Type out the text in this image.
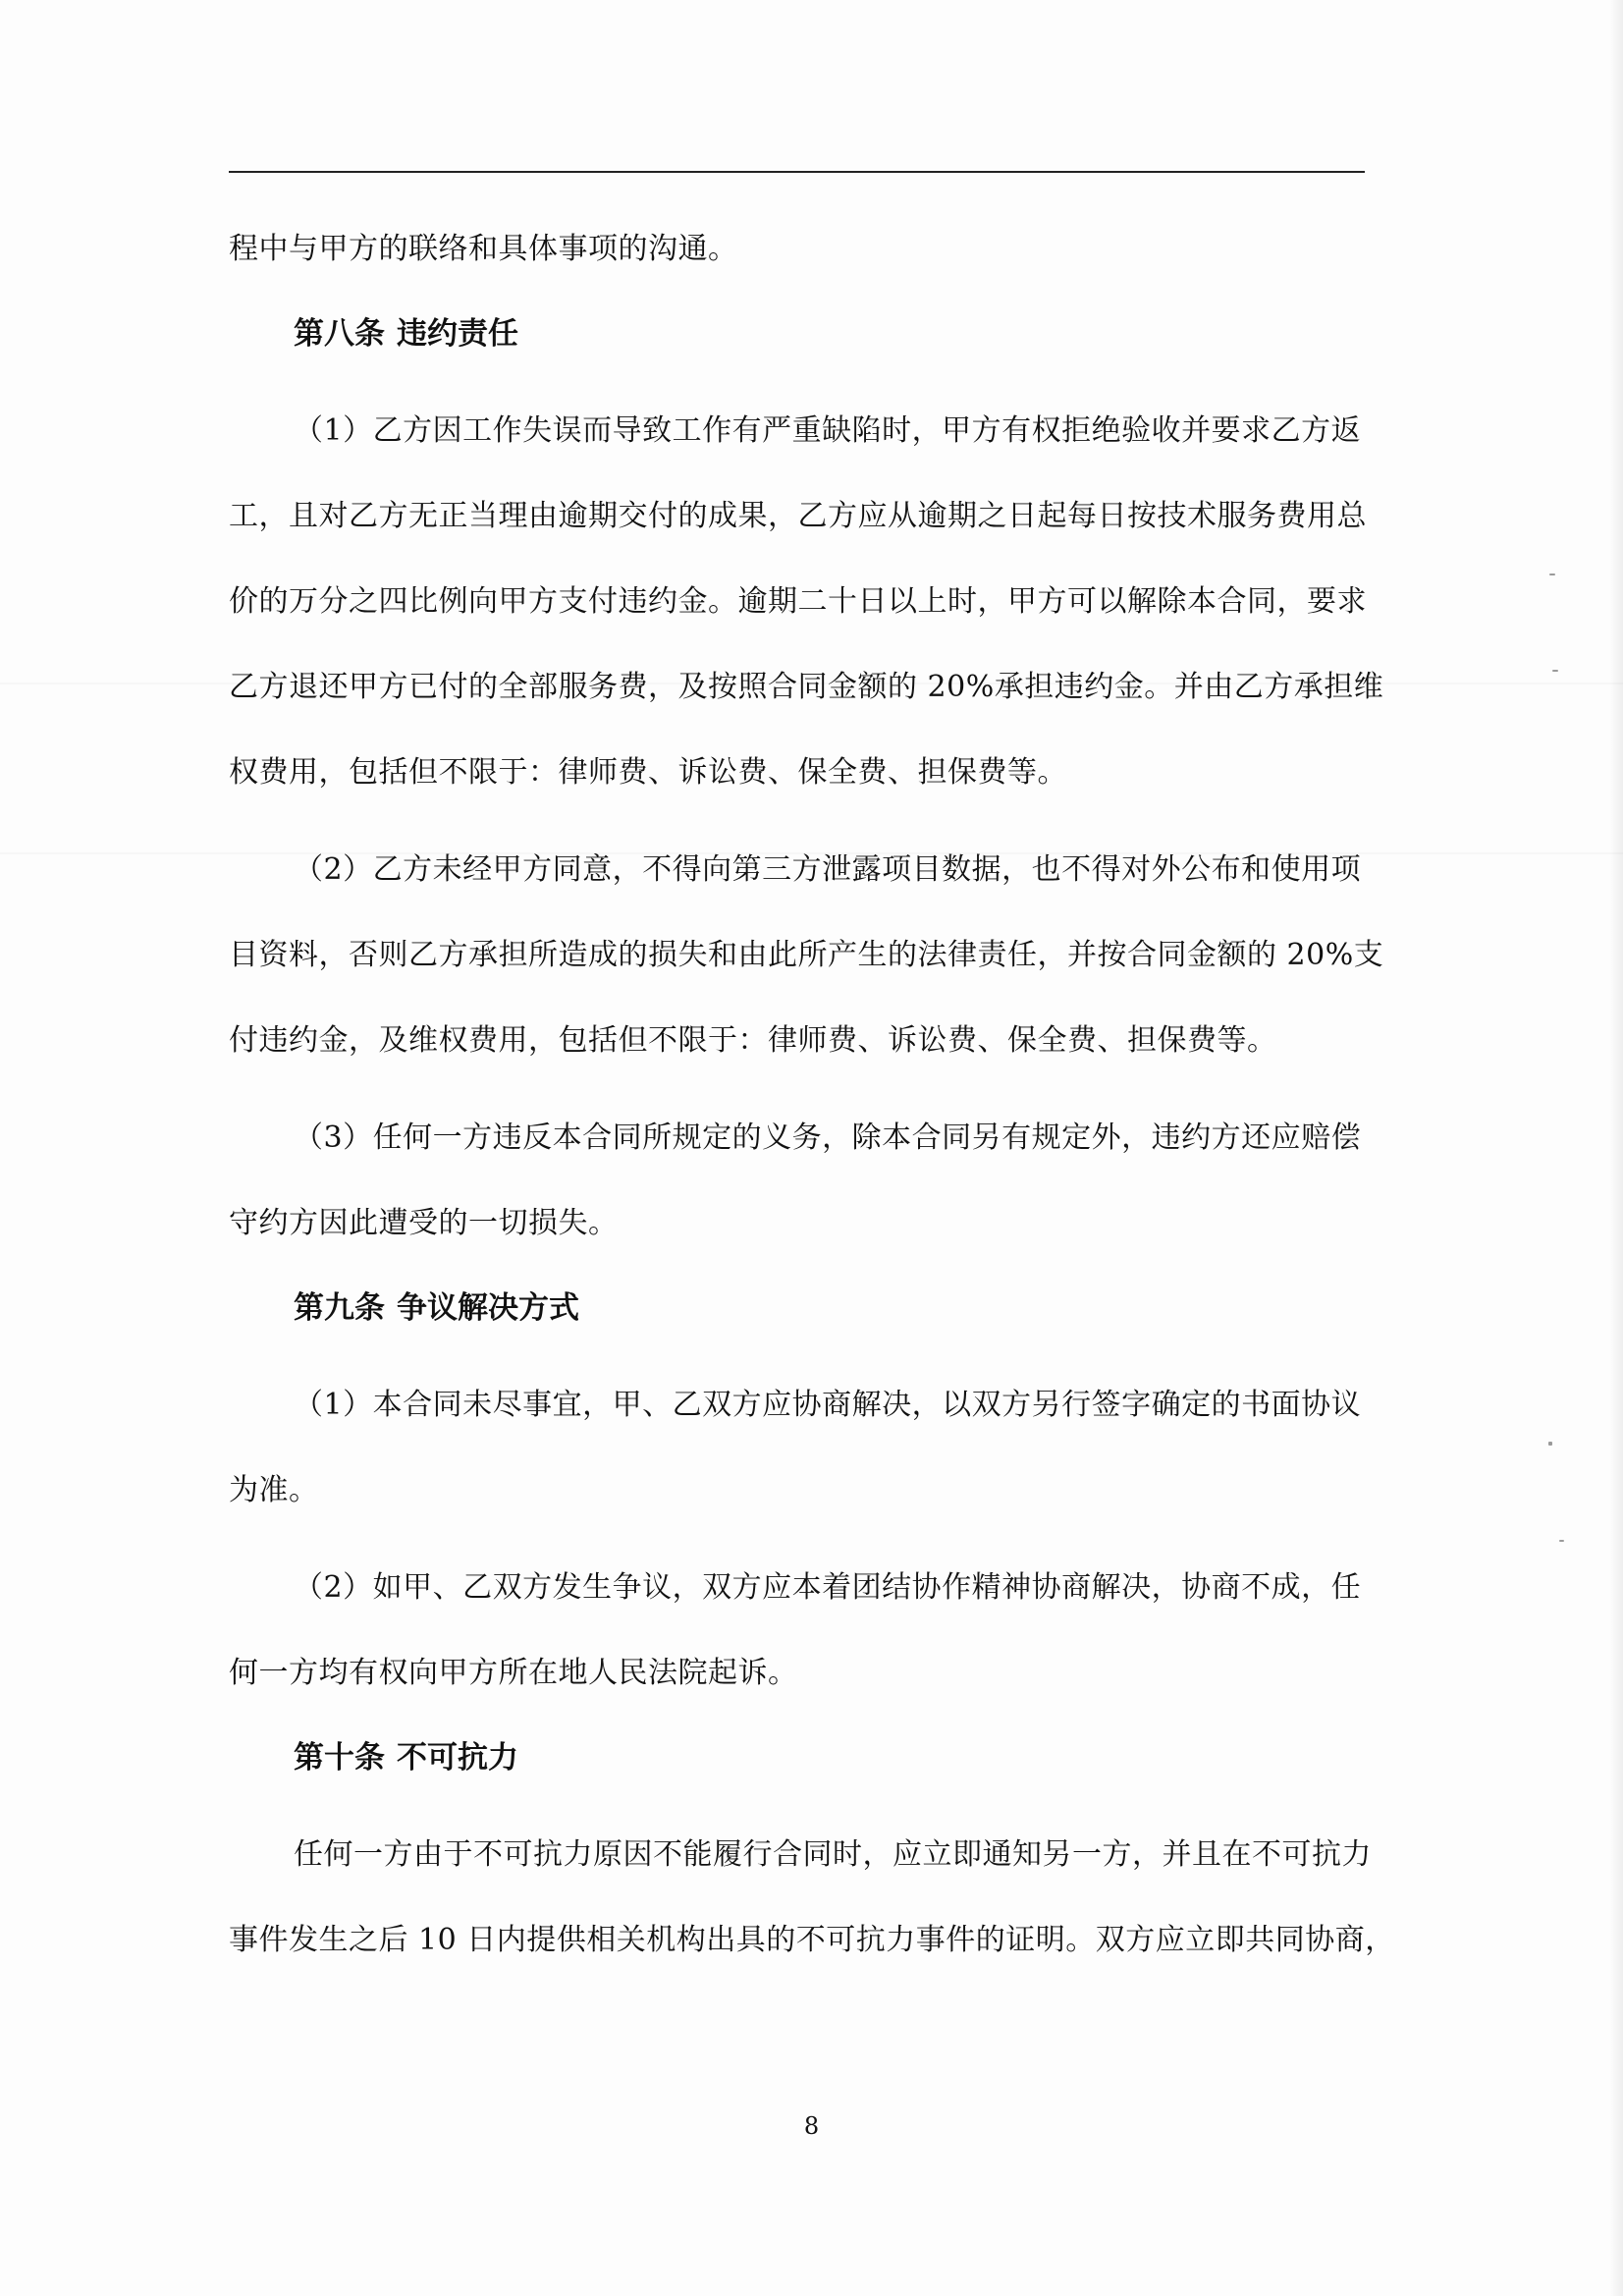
程中与甲方的联络和具体事项的沟通。
第八条 违约责任
（1）乙方因工作失误而导致工作有严重缺陷时，甲方有权拒绝验收并要求乙方返
工，且对乙方无正当理由逾期交付的成果，乙方应从逾期之日起每日按技术服务费用总
价的万分之四比例向甲方支付违约金。逾期二十日以上时，甲方可以解除本合同，要求
乙方退还甲方已付的全部服务费，及按照合同金额的 20%承担违约金。并由乙方承担维
权费用，包括但不限于：律师费、诉讼费、保全费、担保费等。
（2）乙方未经甲方同意，不得向第三方泄露项目数据，也不得对外公布和使用项
目资料，否则乙方承担所造成的损失和由此所产生的法律责任，并按合同金额的 20%支
付违约金，及维权费用，包括但不限于：律师费、诉讼费、保全费、担保费等。
（3）任何一方违反本合同所规定的义务，除本合同另有规定外，违约方还应赔偿
守约方因此遭受的一切损失。
第九条 争议解决方式
（1）本合同未尽事宜，甲、乙双方应协商解决，以双方另行签字确定的书面协议
为准。
（2）如甲、乙双方发生争议，双方应本着团结协作精神协商解决，协商不成，任
何一方均有权向甲方所在地人民法院起诉。
第十条 不可抗力
任何一方由于不可抗力原因不能履行合同时，应立即通知另一方，并且在不可抗力
事件发生之后 10 日内提供相关机构出具的不可抗力事件的证明。双方应立即共同协商，
8
